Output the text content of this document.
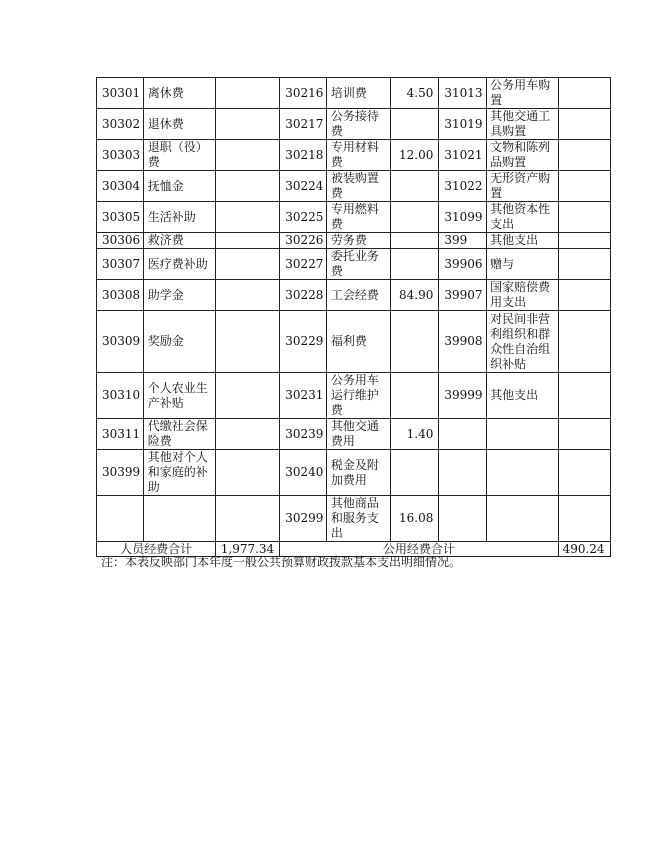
30301	离休费		30216	培训费	4.50	31013	公务用车购置	

30302	退休费		30217	公务接待费		31019	其他交通工具购置	

30303	退职（役）费		30218	专用材料费	12.00	31021	文物和陈列品购置	

30304	抚恤金		30224	被装购置费		31022	无形资产购置	

30305	生活补助		30225	专用燃料费		31099	其他资本性支出	

30306	救济费		30226	劳务费		399	其他支出	

30307	医疗费补助		30227	委托业务费		39906	赠与	

30308	助学金		30228	工会经费	84.90	39907	国家赔偿费用支出	

30309	奖励金		30229	福利费		39908	对民间非营利组织和群众性自治组织补贴	

30310	个人农业生产补贴		30231	公务用车运行维护费		39999	其他支出	

30311	代缴社会保险费		30239	其他交通费用	1.40		

30399	其他对个人和家庭的补助		30240	税金及附加费用				

		30299	其他商品和服务支出	16.08		

人员经费合计		1,977.34	公用经费合计					490.24
注：本表反映部门本年度一般公共预算财政拨款基本支出明细情况。
